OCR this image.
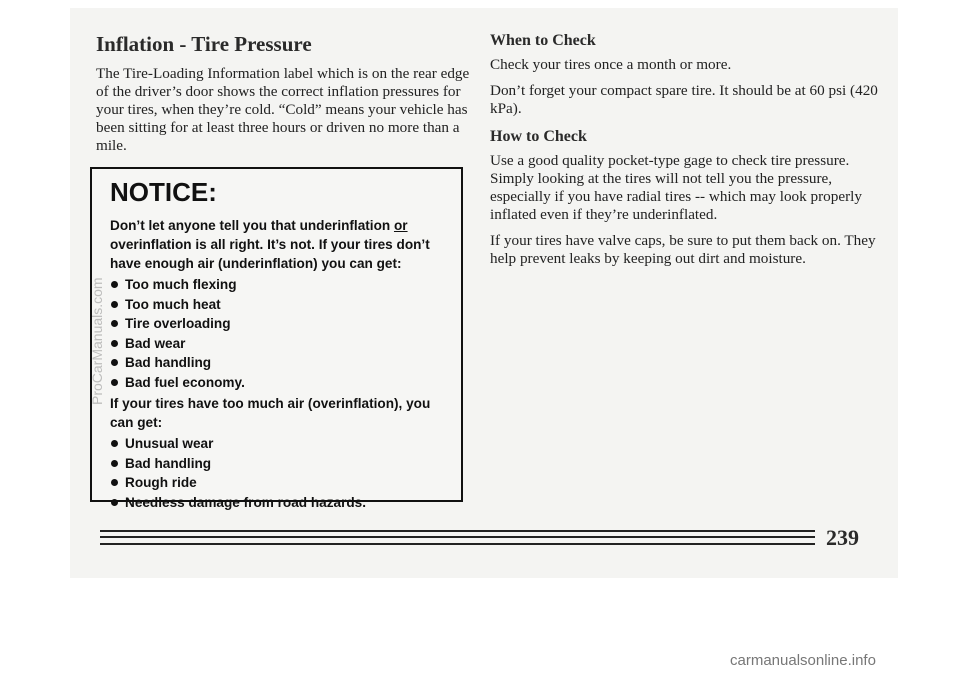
Inflation - Tire Pressure

The Tire-Loading Information label which is on the rear edge of the driver’s door shows the correct inflation pressures for your tires, when they’re cold. “Cold” means your vehicle has been sitting for at least three hours or driven no more than a mile.

NOTICE:

Don’t let anyone tell you that underinflation or overinflation is all right. It’s not. If your tires don’t have enough air (underinflation) you can get:

Too much flexing
Too much heat
Tire overloading
Bad wear
Bad handling
Bad fuel economy.

If your tires have too much air (overinflation), you can get:

Unusual wear
Bad handling
Rough ride
Needless damage from road hazards.
ProCarManuals.com
When to Check

Check your tires once a month or more.

Don’t forget your compact spare tire. It should be at 60 psi (420 kPa).

How to Check

Use a good quality pocket-type gage to check tire pressure. Simply looking at the tires will not tell you the pressure, especially if you have radial tires -- which may look properly inflated even if they’re underinflated.

If your tires have valve caps, be sure to put them back on. They help prevent leaks by keeping out dirt and moisture.

239
carmanualsonline.info
